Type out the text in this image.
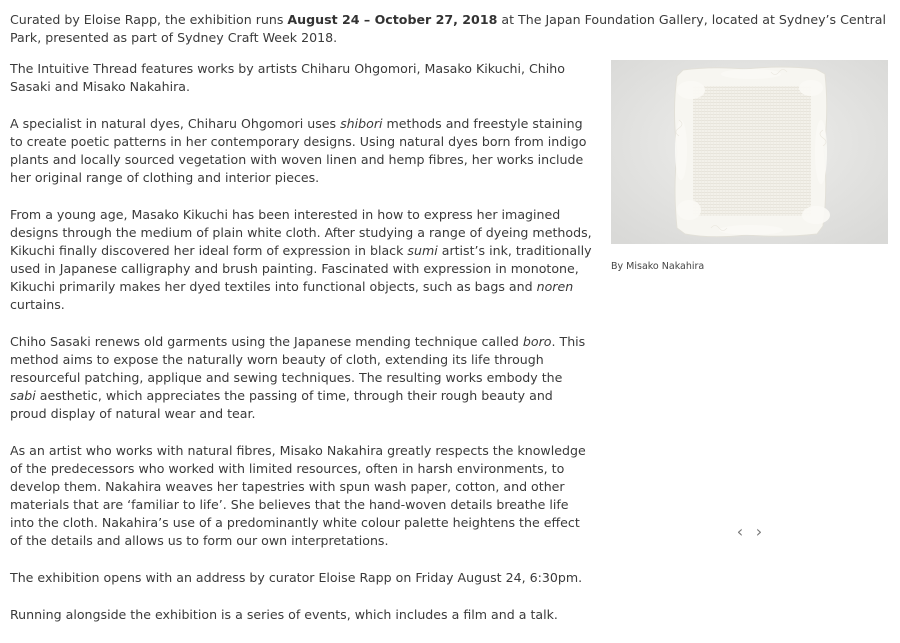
Curated by Eloise Rapp, the exhibition runs August 24 – October 27, 2018 at The Japan Foundation Gallery, located at Sydney’s Central Park, presented as part of Sydney Craft Week 2018.

The Intuitive Thread features works by artists Chiharu Ohgomori, Masako Kikuchi, Chiho Sasaki and Misako Nakahira.

A specialist in natural dyes, Chiharu Ohgomori uses shibori methods and freestyle staining to create poetic patterns in her contemporary designs. Using natural dyes born from indigo plants and locally sourced vegetation with woven linen and hemp fibres, her works include her original range of clothing and interior pieces.

From a young age, Masako Kikuchi has been interested in how to express her imagined designs through the medium of plain white cloth. After studying a range of dyeing methods, Kikuchi finally discovered her ideal form of expression in black sumi artist’s ink, traditionally used in Japanese calligraphy and brush painting. Fascinated with expression in monotone, Kikuchi primarily makes her dyed textiles into functional objects, such as bags and noren curtains.

Chiho Sasaki renews old garments using the Japanese mending technique called boro. This method aims to expose the naturally worn beauty of cloth, extending its life through resourceful patching, applique and sewing techniques. The resulting works embody the sabi aesthetic, which appreciates the passing of time, through their rough beauty and proud display of natural wear and tear.

As an artist who works with natural fibres, Misako Nakahira greatly respects the knowledge of the predecessors who worked with limited resources, often in harsh environments, to develop them. Nakahira weaves her tapestries with spun wash paper, cotton, and other materials that are ‘familiar to life’. She believes that the hand-woven details breathe life into the cloth. Nakahira’s use of a predominantly white colour palette heightens the effect of the details and allows us to form our own interpretations.

The exhibition opens with an address by curator Eloise Rapp on Friday August 24, 6:30pm.

Running alongside the exhibition is a series of events, which includes a film and a talk.

By Misako Nakahira
‹ ›
